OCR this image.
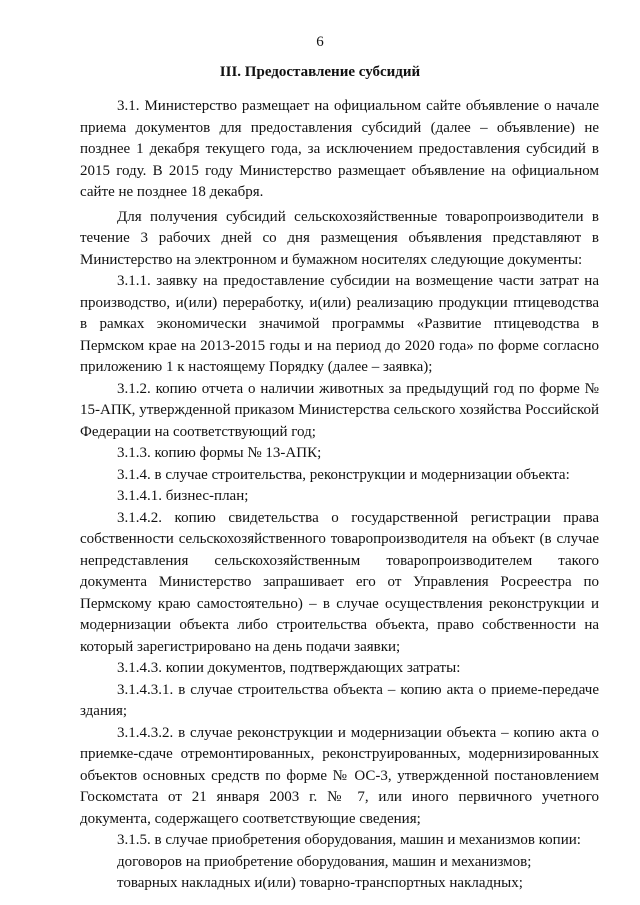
6
III. Предоставление субсидий

3.1. Министерство размещает на официальном сайте объявление о начале приема документов для предоставления субсидий (далее – объявление) не позднее 1 декабря текущего года, за исключением предоставления субсидий в 2015 году. В 2015 году Министерство размещает объявление на официальном сайте не позднее 18 декабря.

Для получения субсидий сельскохозяйственные товаропроизводители в течение 3 рабочих дней со дня размещения объявления представляют в Министерство на электронном и бумажном носителях следующие документы:

3.1.1. заявку на предоставление субсидии на возмещение части затрат на производство, и(или) переработку, и(или) реализацию продукции птицеводства в рамках экономически значимой программы «Развитие птицеводства в Пермском крае на 2013-2015 годы и на период до 2020 года» по форме согласно приложению 1 к настоящему Порядку (далее – заявка);

3.1.2. копию отчета о наличии животных за предыдущий год по форме № 15-АПК, утвержденной приказом Министерства сельского хозяйства Российской Федерации на соответствующий год;

3.1.3. копию формы № 13-АПК;

3.1.4. в случае строительства, реконструкции и модернизации объекта:

3.1.4.1. бизнес-план;

3.1.4.2. копию свидетельства о государственной регистрации права собственности сельскохозяйственного товаропроизводителя на объект (в случае непредставления сельскохозяйственным товаропроизводителем такого документа Министерство запрашивает его от Управления Росреестра по Пермскому краю самостоятельно) – в случае осуществления реконструкции и модернизации объекта либо строительства объекта, право собственности на который зарегистрировано на день подачи заявки;

3.1.4.3. копии документов, подтверждающих затраты:

3.1.4.3.1. в случае строительства объекта – копию акта о приеме-передаче здания;

3.1.4.3.2. в случае реконструкции и модернизации объекта – копию акта о приемке-сдаче отремонтированных, реконструированных, модернизированных объектов основных средств по форме № ОС-3, утвержденной постановлением Госкомстата от 21 января 2003 г. № 7, или иного первичного учетного документа, содержащего соответствующие сведения;

3.1.5. в случае приобретения оборудования, машин и механизмов копии:

договоров на приобретение оборудования, машин и механизмов;

товарных накладных и(или) товарно-транспортных накладных;
